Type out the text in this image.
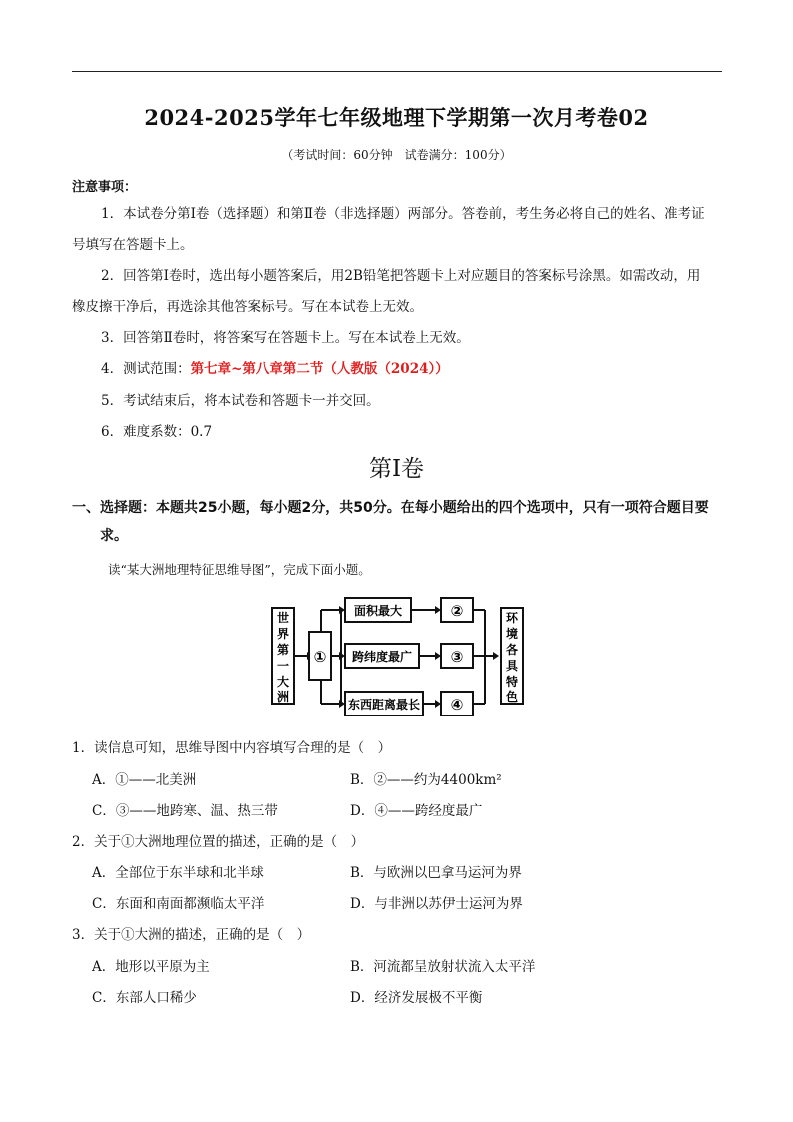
2024-2025学年七年级地理下学期第一次月考卷02
（考试时间：60分钟　试卷满分：100分）
注意事项：
1．本试卷分第Ⅰ卷（选择题）和第Ⅱ卷（非选择题）两部分。答卷前，考生务必将自己的姓名、准考证
号填写在答题卡上。
2．回答第Ⅰ卷时，选出每小题答案后，用2B铅笔把答题卡上对应题目的答案标号涂黑。如需改动，用
橡皮擦干净后，再选涂其他答案标号。写在本试卷上无效。
3．回答第Ⅱ卷时，将答案写在答题卡上。写在本试卷上无效。
4．测试范围：第七章~第八章第二节（人教版（2024））
5．考试结束后，将本试卷和答题卡一并交回。
6．难度系数：0.7
第Ⅰ卷
一、选择题：本题共25小题，每小题2分，共50分。在每小题给出的四个选项中，只有一项符合题目要求。
读“某大洲地理特征思维导图”，完成下面小题。
世
界
第
一
大
洲
①
面积最大
跨纬度最广
东西距离最长
②
③
④
环
境
各
具
特
色
1．读信息可知，思维导图中内容填写合理的是（　）
A．①——北美洲	B．②——约为4400km²
C．③——地跨寒、温、热三带	D．④——跨经度最广
2．关于①大洲地理位置的描述，正确的是（　）
A．全部位于东半球和北半球	B．与欧洲以巴拿马运河为界
C．东面和南面都濒临太平洋	D．与非洲以苏伊士运河为界
3．关于①大洲的描述，正确的是（　）
A．地形以平原为主	B．河流都呈放射状流入太平洋
C．东部人口稀少	D．经济发展极不平衡
